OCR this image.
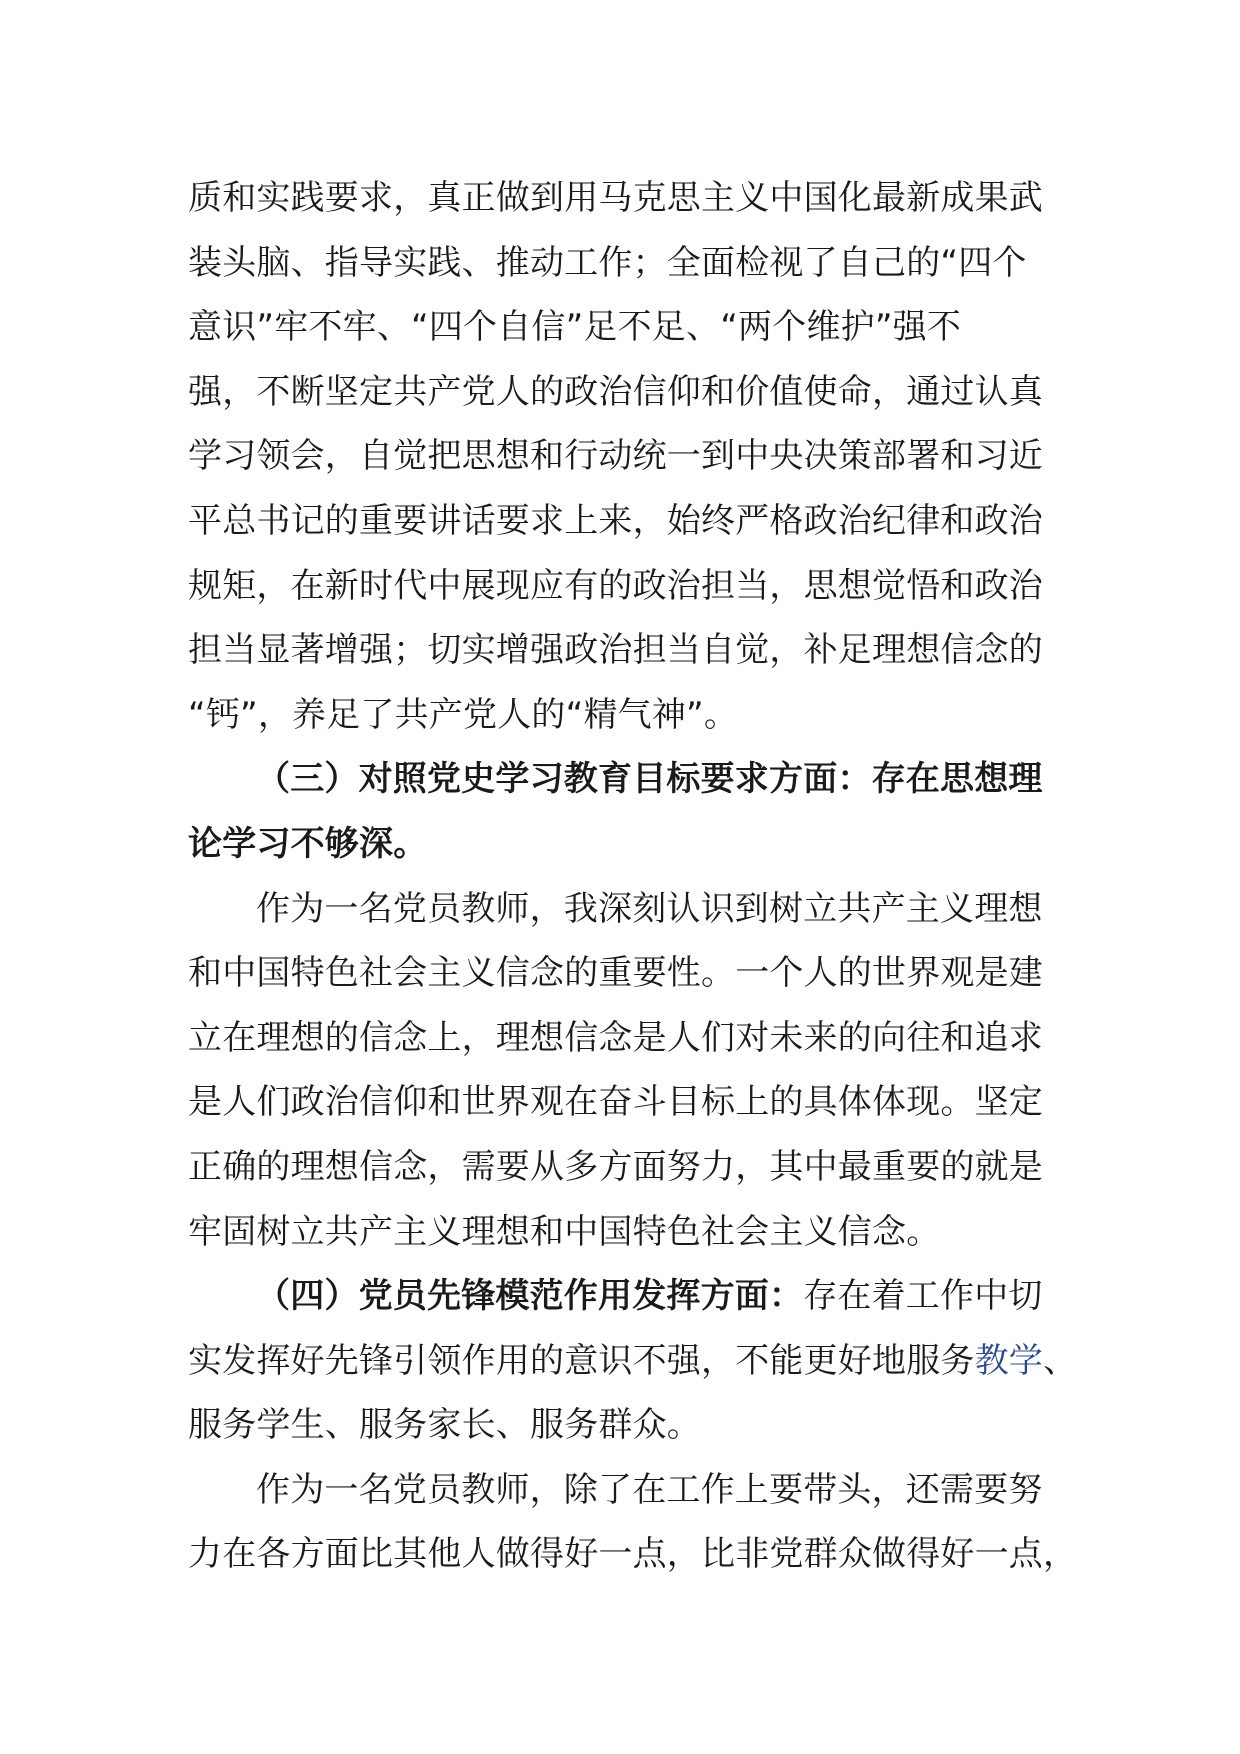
质和实践要求，真正做到用马克思主义中国化最新成果武
装头脑、指导实践、推动工作；全面检视了自己的“四个
意识”牢不牢、“四个自信”足不足、“两个维护”强不
强，不断坚定共产党人的政治信仰和价值使命，通过认真
学习领会，自觉把思想和行动统一到中央决策部署和习近
平总书记的重要讲话要求上来，始终严格政治纪律和政治
规矩，在新时代中展现应有的政治担当，思想觉悟和政治
担当显著增强；切实增强政治担当自觉，补足理想信念的
“钙”，养足了共产党人的“精气神”。

（三）对照党史学习教育目标要求方面：存在思想理
论学习不够深。

作为一名党员教师，我深刻认识到树立共产主义理想
和中国特色社会主义信念的重要性。一个人的世界观是建
立在理想的信念上，理想信念是人们对未来的向往和追求
是人们政治信仰和世界观在奋斗目标上的具体体现。坚定
正确的理想信念，需要从多方面努力，其中最重要的就是
牢固树立共产主义理想和中国特色社会主义信念。

（四）党员先锋模范作用发挥方面：存在着工作中切
实发挥好先锋引领作用的意识不强，不能更好地服务教学、
服务学生、服务家长、服务群众。

作为一名党员教师，除了在工作上要带头，还需要努
力在各方面比其他人做得好一点，比非党群众做得好一点，
